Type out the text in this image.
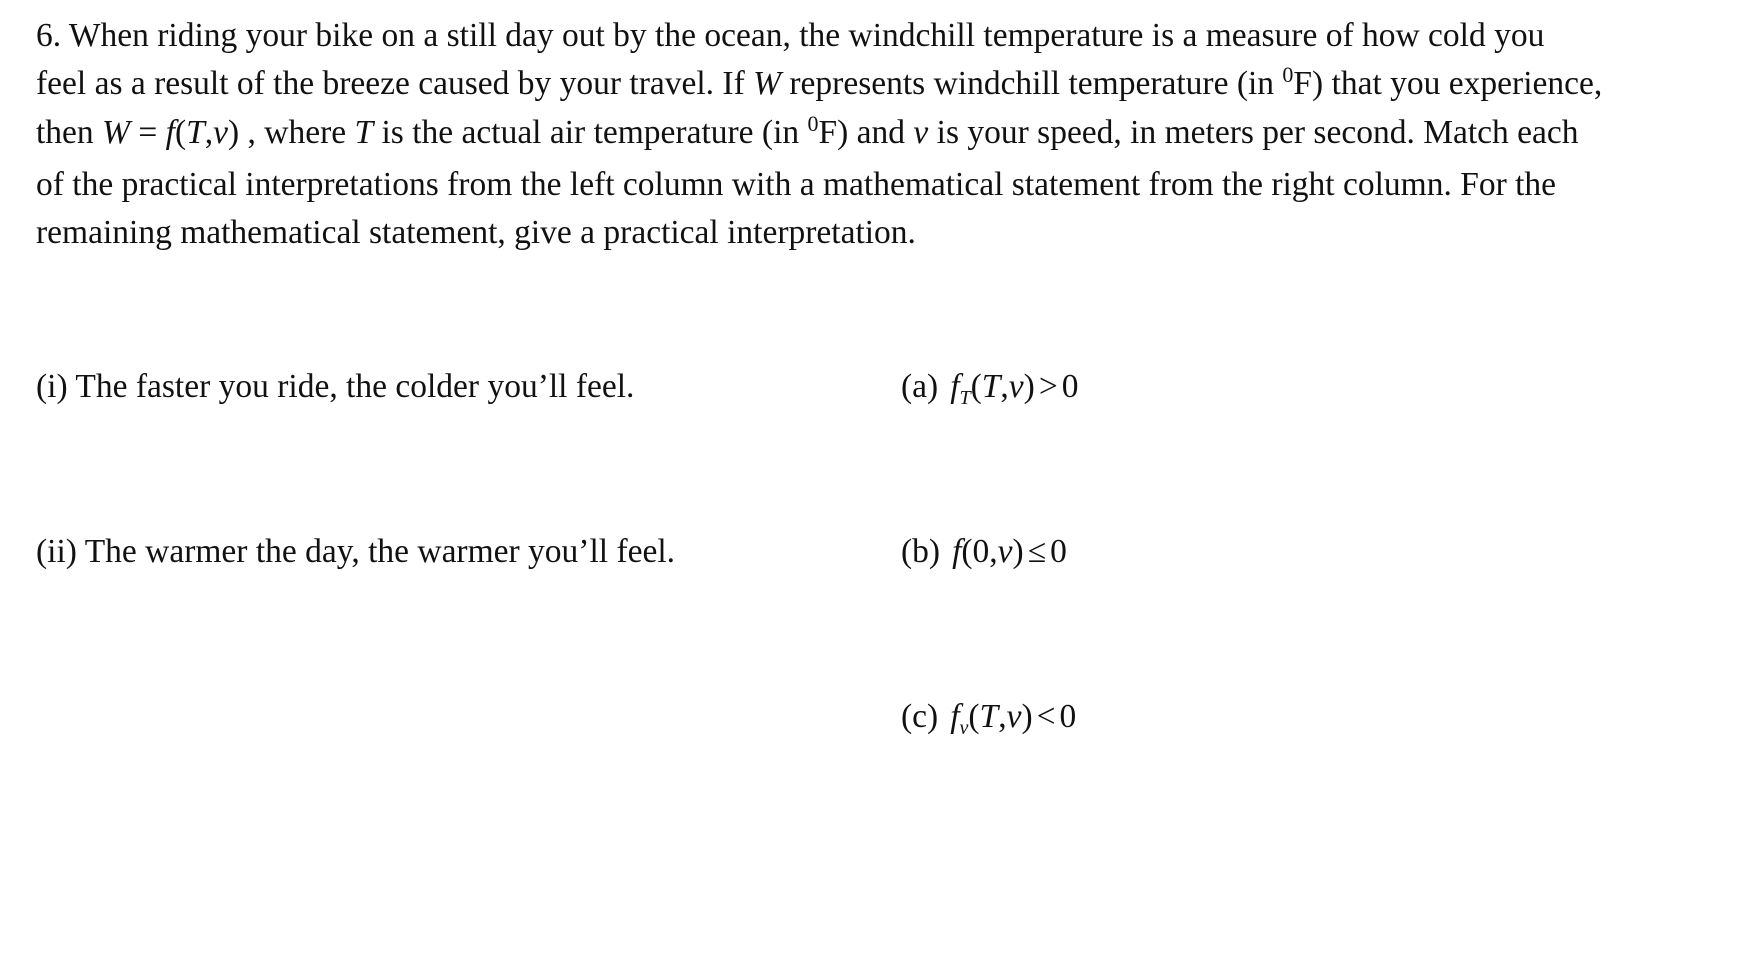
6. When riding your bike on a still day out by the ocean, the windchill temperature is a measure of how cold you

feel as a result of the breeze caused by your travel. If W represents windchill temperature (in $^0$F) that you experience,

then W = f(T,v) , where T is the actual air temperature (in $^0$F) and v is your speed, in meters per second. Match each

of the practical interpretations from the left column with a mathematical statement from the right column. For the

remaining mathematical statement, give a practical interpretation.

(i) The faster you ride, the colder you’ll feel.
(ii) The warmer the day, the warmer you’ll feel.
(a) $f_T(T,v) > 0$
(b) f(0,v) ≤ 0
(c) $f_v(T,v) < 0$
